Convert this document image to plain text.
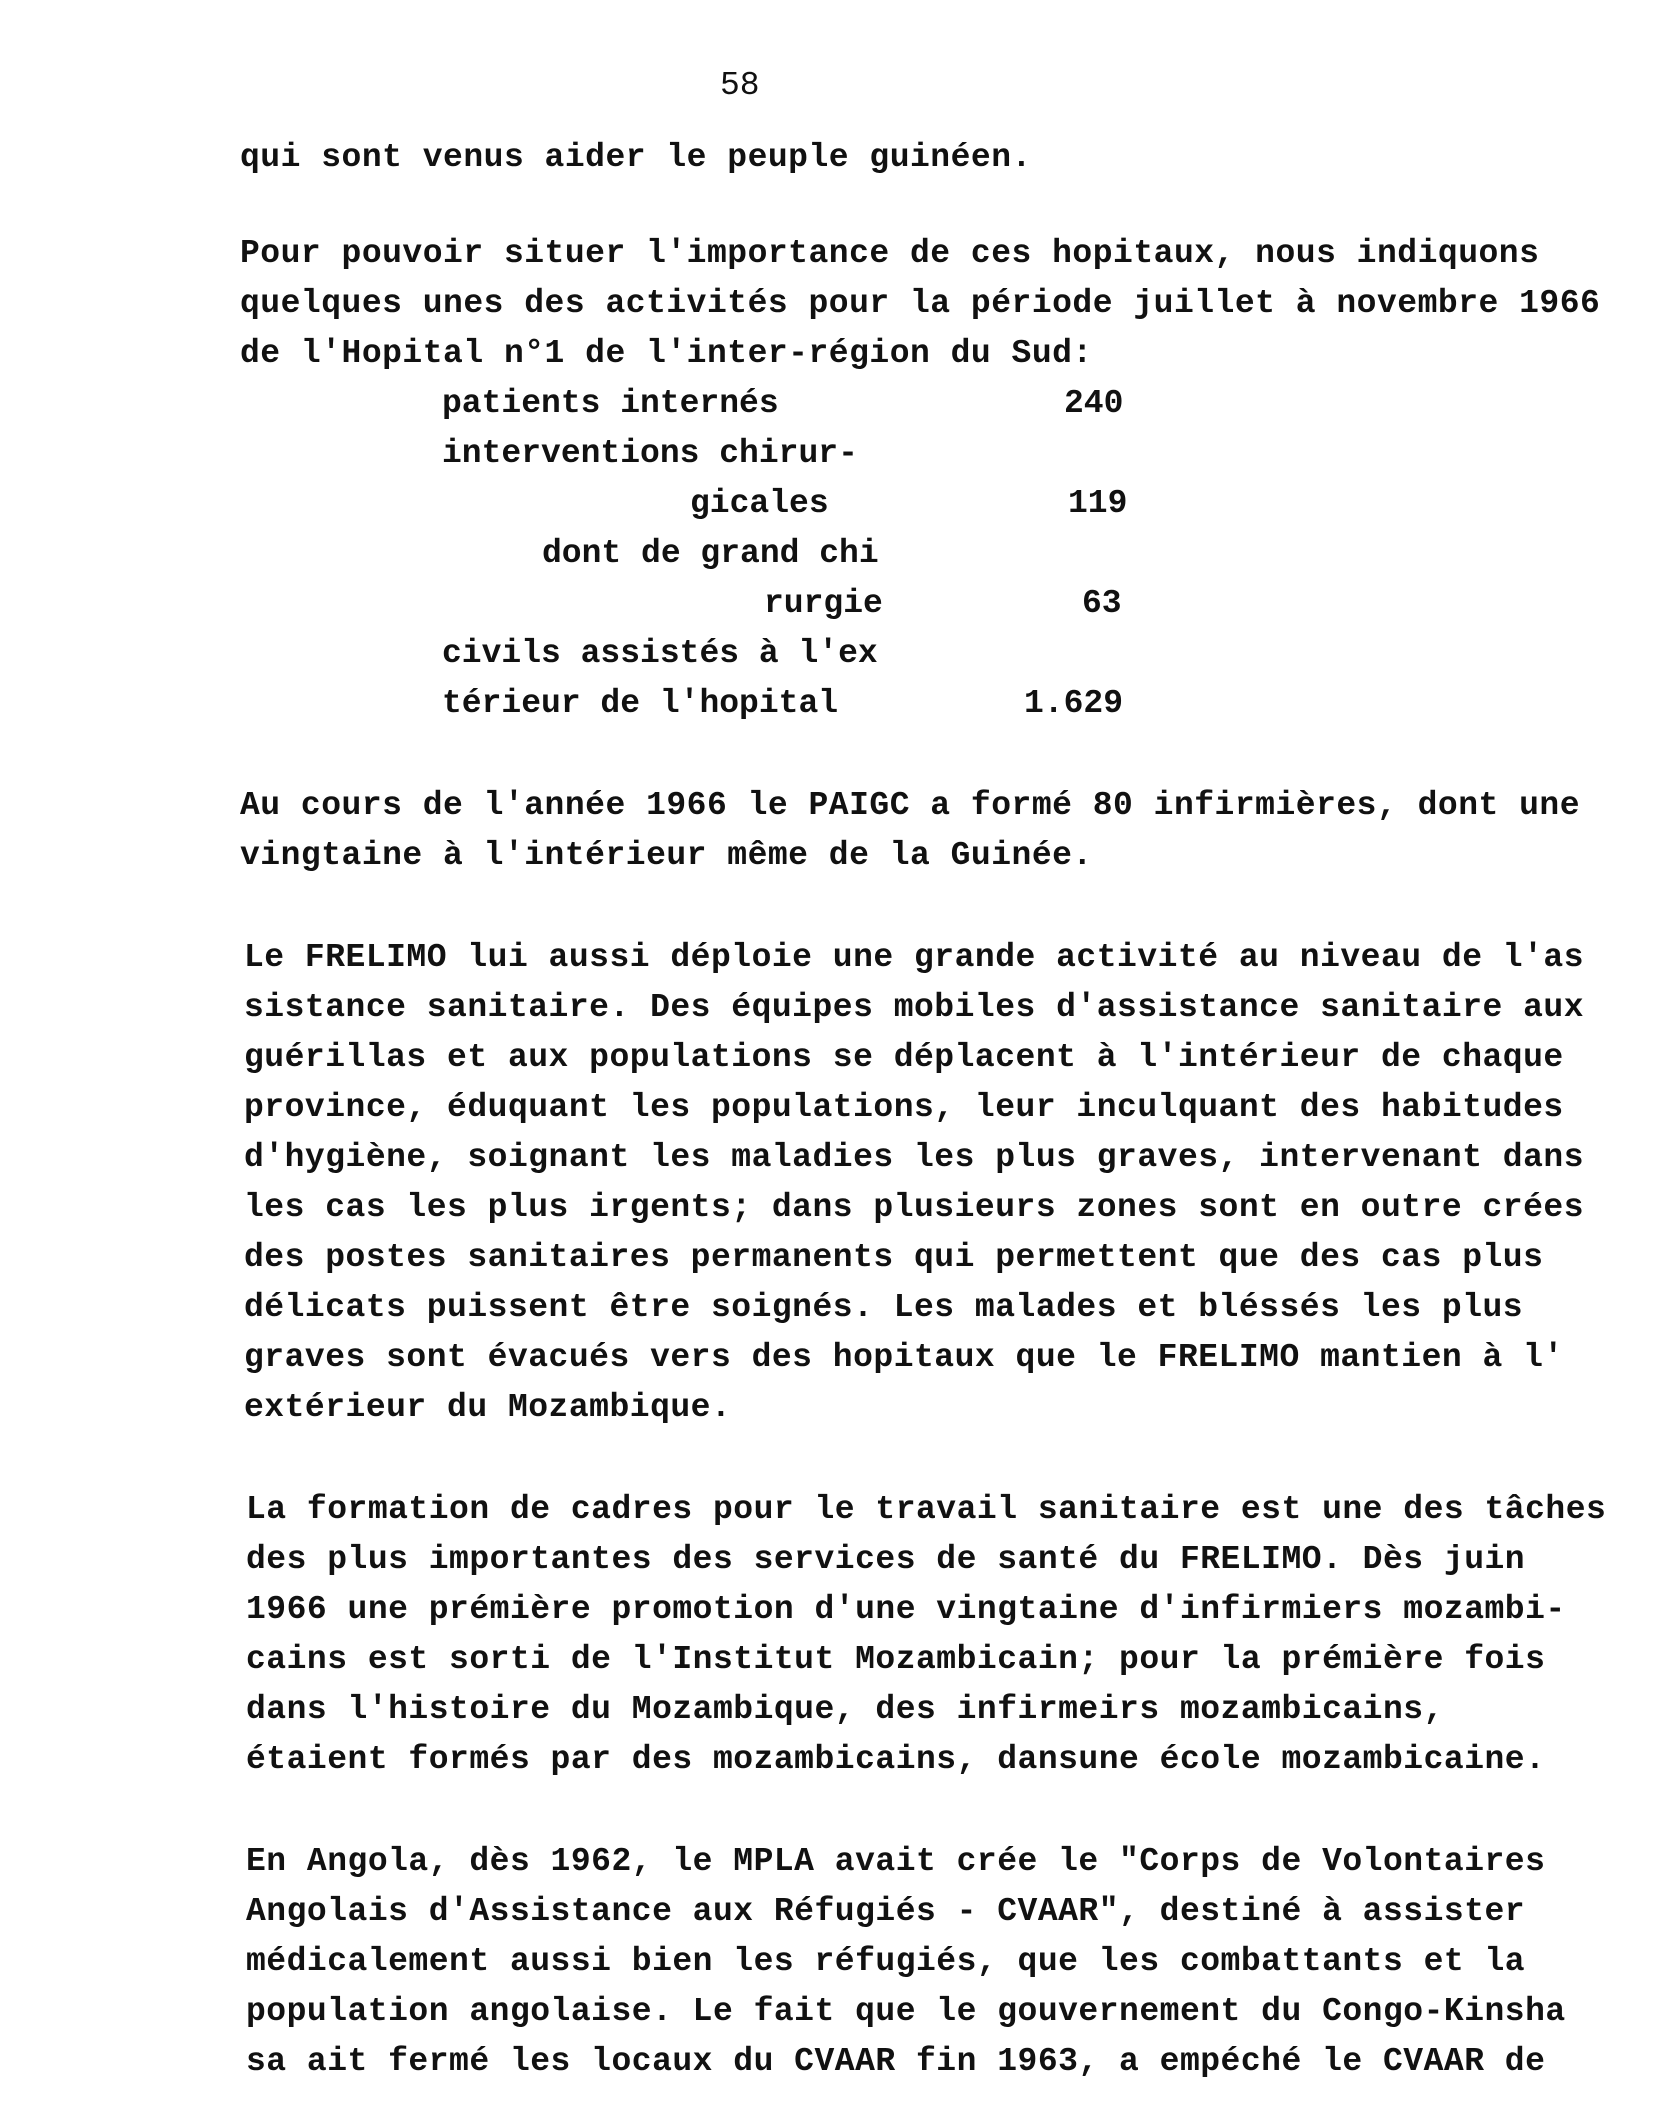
58
qui sont venus aider le peuple guinéen.
Pour pouvoir situer l'importance de ces hopitaux, nous indiquons
quelques unes des activités pour la période juillet à novembre 1966
de l'Hopital n°1 de l'inter-région du Sud:
patients internés	240
interventions chirur-
gicales	119
dont de grand chi
rurgie	63
civils assistés à l'ex
térieur de l'hopital	1.629
Au cours de l'année 1966 le PAIGC a formé 80 infirmières, dont une
vingtaine à l'intérieur même de la Guinée.
Le FRELIMO lui aussi déploie une grande activité au niveau de l'as
sistance sanitaire. Des équipes mobiles d'assistance sanitaire aux
guérillas et aux populations se déplacent à l'intérieur de chaque
province, éduquant les populations, leur inculquant des habitudes
d'hygiène, soignant les maladies les plus graves, intervenant dans
les cas les plus irgents; dans plusieurs zones sont en outre crées
des postes sanitaires permanents qui permettent que des cas plus
délicats puissent être soignés. Les malades et bléssés les plus
graves sont évacués vers des hopitaux que le FRELIMO mantien à l'
extérieur du Mozambique.
La formation de cadres pour le travail sanitaire est une des tâches
des plus importantes des services de santé du FRELIMO. Dès juin
1966 une prémière promotion d'une vingtaine d'infirmiers mozambi-
cains est sorti de l'Institut Mozambicain; pour la prémière fois
dans l'histoire du Mozambique, des infirmeirs mozambicains,
étaient formés par des mozambicains, dansune école mozambicaine.
En Angola, dès 1962, le MPLA avait crée le "Corps de Volontaires
Angolais d'Assistance aux Réfugiés - CVAAR", destiné à assister
médicalement aussi bien les réfugiés, que les combattants et la
population angolaise. Le fait que le gouvernement du Congo-Kinsha
sa ait fermé les locaux du CVAAR fin 1963, a empéché le CVAAR de
